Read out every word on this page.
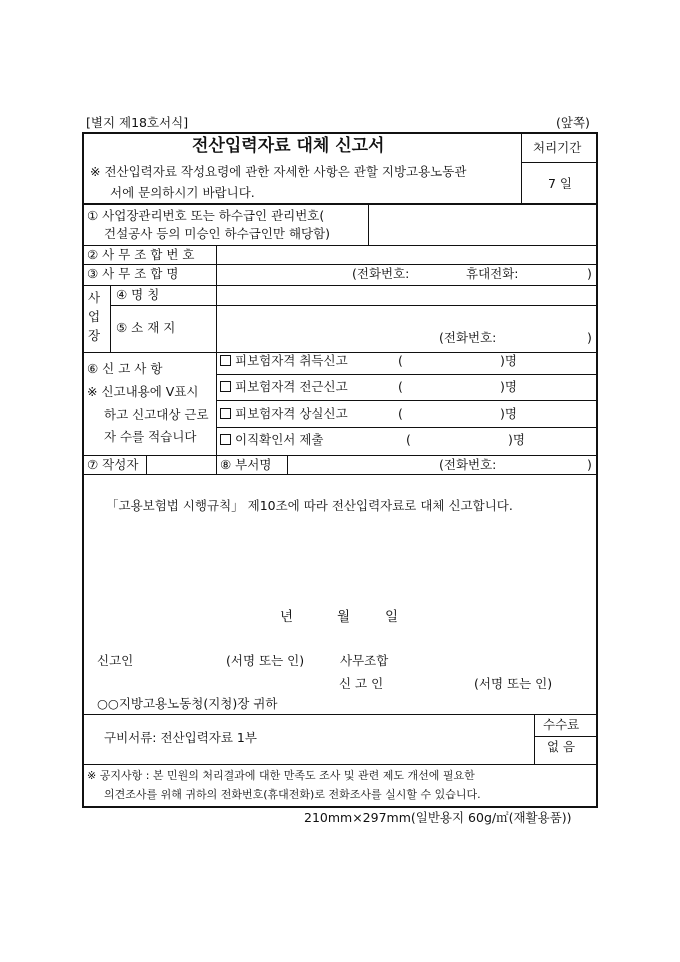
[별지 제18호서식]	(앞쪽)
전산입력자료 대체 신고서
※ 전산입력자료 작성요령에 관한 자세한 사항은 관할 지방고용노동관
서에 문의하시기 바랍니다.
처리기간
7 일
① 사업장관리번호 또는 하수급인 관리번호(
건설공사 등의 미승인 하수급인만 해당함)
② 사 무 조 합 번 호
③ 사 무 조 합 명	(전화번호:	휴대전화:	)
사
업
장
④ 명 칭
⑤ 소 재 지
(전화번호:	)
⑥ 신 고 사 항
※ 신고내용에 V표시
하고 신고대상 근로
자 수를 적습니다
피보험자격 취득신고	(	)명
피보험자격 전근신고	(	)명
피보험자격 상실신고	(	)명
이직확인서 제출	(	)명
⑦ 작성자	⑧ 부서명	(전화번호:	)
「고용보험법 시행규칙」 제10조에 따라 전산입력자료로 대체 신고합니다.
년	월	일
신고인	(서명 또는 인)	사무조합
신 고 인	(서명 또는 인)
○○지방고용노동청(지청)장 귀하
구비서류: 전산입력자료 1부
수수료
없 음
※ 공지사항 : 본 민원의 처리결과에 대한 만족도 조사 및 관련 제도 개선에 필요한
의견조사를 위해 귀하의 전화번호(휴대전화)로 전화조사를 실시할 수 있습니다.
210mm×297mm(일반용지 60g/㎡(재활용품))
